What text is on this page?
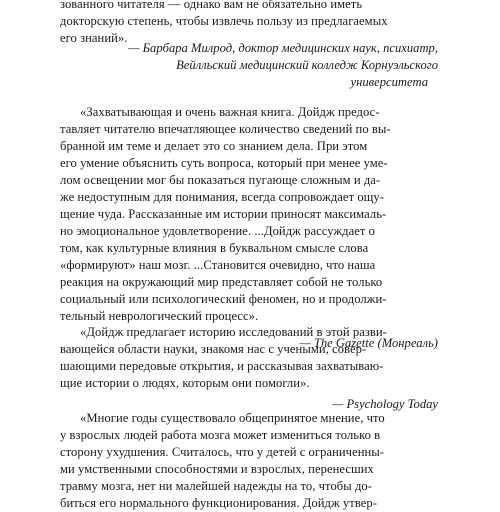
зованного читателя — однако вам не обязательно иметь
докторскую степень, чтобы извлечь пользу из предлагаемых
его знаний».
— Барбара Милрод, доктор медицинских наук, психиатр,
Вейлльский медицинский колледж Корнуэльского
университета
«Захватывающая и очень важная книга. Дойдж предос-
тавляет читателю впечатляющее количество сведений по вы-
бранной им теме и делает это со знанием дела. При этом
его умение объяснить суть вопроса, который при менее уме-
лом освещении мог бы показаться пугающе сложным и да-
же недоступным для понимания, всегда сопровождает ощу-
щение чуда. Рассказанные им истории приносят максималь-
но эмоциональное удовлетворение. ...Дойдж рассуждает о
том, как культурные влияния в буквальном смысле слова
«формируют» наш мозг. ...Становится очевидно, что наша
реакция на окружающий мир представляет собой не только
социальный или психологический феномен, но и продолжи-
тельный неврологический процесс».
— The Gazette (Монреаль)
«Дойдж предлагает историю исследований в этой разви-
вающейся области науки, знакомя нас с учеными, совер-
шающими передовые открытия, и рассказывая захватываю-
щие истории о людях, которым они помогли».
— Psychology Today
«Многие годы существовало общепринятое мнение, что
у взрослых людей работа мозга может измениться только в
сторону ухудшения. Считалось, что у детей с ограниченны-
ми умственными способностями и взрослых, перенесших
травму мозга, нет ни малейшей надежды на то, чтобы до-
биться его нормального функционирования. Дойдж утвер-
